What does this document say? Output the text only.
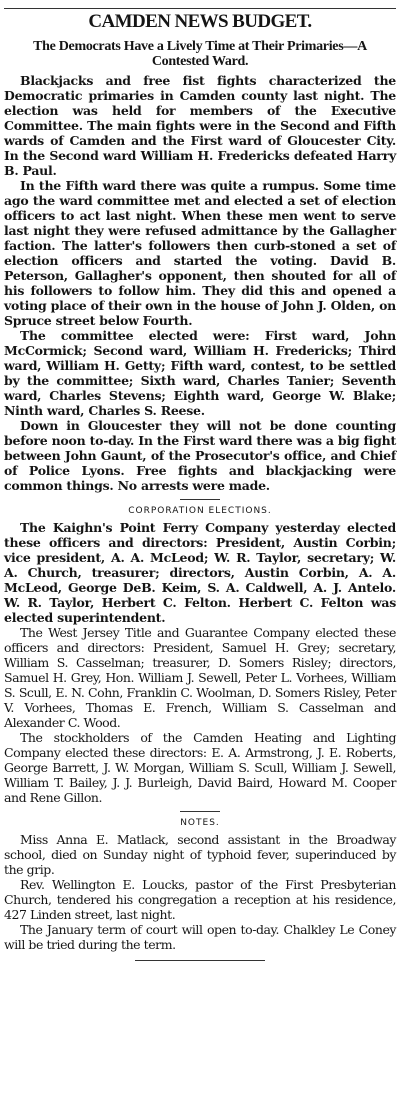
CAMDEN NEWS BUDGET.
The Democrats Have a Lively Time at Their Primaries—A Contested Ward.

Blackjacks and free fist fights characterized the Democratic primaries in Camden county last night. The election was held for members of the Executive Committee. The main fights were in the Second and Fifth wards of Camden and the First ward of Gloucester City. In the Second ward William H. Fredericks defeated Harry B. Paul.

In the Fifth ward there was quite a rumpus. Some time ago the ward committee met and elected a set of election officers to act last night. When these men went to serve last night they were refused admittance by the Gallagher faction. The latter's followers then curb-stoned a set of election officers and started the voting. David B. Peterson, Gallagher's opponent, then shouted for all of his followers to follow him. They did this and opened a voting place of their own in the house of John J. Olden, on Spruce street below Fourth.

The committee elected were: First ward, John McCormick; Second ward, William H. Fredericks; Third ward, William H. Getty; Fifth ward, contest, to be settled by the committee; Sixth ward, Charles Tanier; Seventh ward, Charles Stevens; Eighth ward, George W. Blake; Ninth ward, Charles S. Reese.

Down in Gloucester they will not be done counting before noon to-day. In the First ward there was a big fight between John Gaunt, of the Prosecutor's office, and Chief of Police Lyons. Free fights and blackjacking were common things. No arrests were made.

CORPORATION ELECTIONS.

The Kaighn's Point Ferry Company yesterday elected these officers and directors: President, Austin Corbin; vice president, A. A. McLeod; W. R. Taylor, secretary; W. A. Church, treasurer; directors, Austin Corbin, A. A. McLeod, George DeB. Keim, S. A. Caldwell, A. J. Antelo. W. R. Taylor, Herbert C. Felton. Herbert C. Felton was elected superintendent.

The West Jersey Title and Guarantee Company elected these officers and directors: President, Samuel H. Grey; secretary, William S. Casselman; treasurer, D. Somers Risley; directors, Samuel H. Grey, Hon. William J. Sewell, Peter L. Vorhees, William S. Scull, E. N. Cohn, Franklin C. Woolman, D. Somers Risley, Peter V. Vorhees, Thomas E. French, William S. Casselman and Alexander C. Wood.

The stockholders of the Camden Heating and Lighting Company elected these directors: E. A. Armstrong, J. E. Roberts, George Barrett, J. W. Morgan, William S. Scull, William J. Sewell, William T. Bailey, J. J. Burleigh, David Baird, Howard M. Cooper and Rene Gillon.

NOTES.

Miss Anna E. Matlack, second assistant in the Broadway school, died on Sunday night of typhoid fever, superinduced by the grip.

Rev. Wellington E. Loucks, pastor of the First Presbyterian Church, tendered his congregation a reception at his residence, 427 Linden street, last night.

The January term of court will open to-day. Chalkley Le Coney will be tried during the term.
